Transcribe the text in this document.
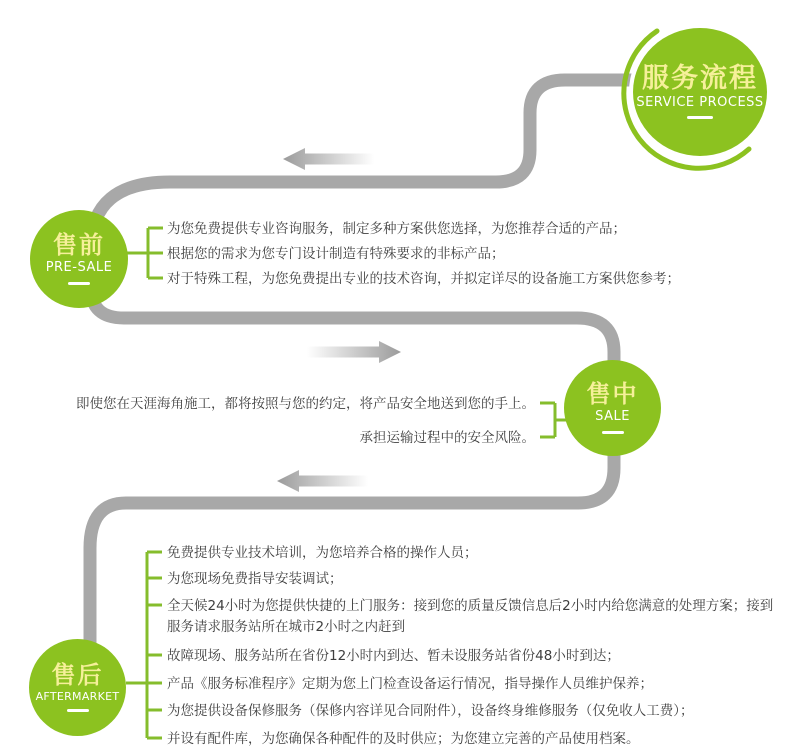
服务流程
SERVICE PROCESS
售前
PRE-SALE
售中
SALE
售后
AFTERMARKET
为您免费提供专业咨询服务，制定多种方案供您选择，为您推荐合适的产品；
根据您的需求为您专门设计制造有特殊要求的非标产品；
对于特殊工程，为您免费提出专业的技术咨询，并拟定详尽的设备施工方案供您参考；
即使您在天涯海角施工，都将按照与您的约定，将产品安全地送到您的手上。
承担运输过程中的安全风险。
免费提供专业技术培训，为您培养合格的操作人员；
为您现场免费指导安装调试；
全天候24小时为您提供快捷的上门服务：接到您的质量反馈信息后2小时内给您满意的处理方案；接到服务请求服务站所在城市2小时之内赶到
故障现场、服务站所在省份12小时内到达、暂未设服务站省份48小时到达；
产品《服务标准程序》定期为您上门检查设备运行情况，指导操作人员维护保养；
为您提供设备保修服务（保修内容详见合同附件），设备终身维修服务（仅免收人工费）；
并设有配件库，为您确保各种配件的及时供应；为您建立完善的产品使用档案。
